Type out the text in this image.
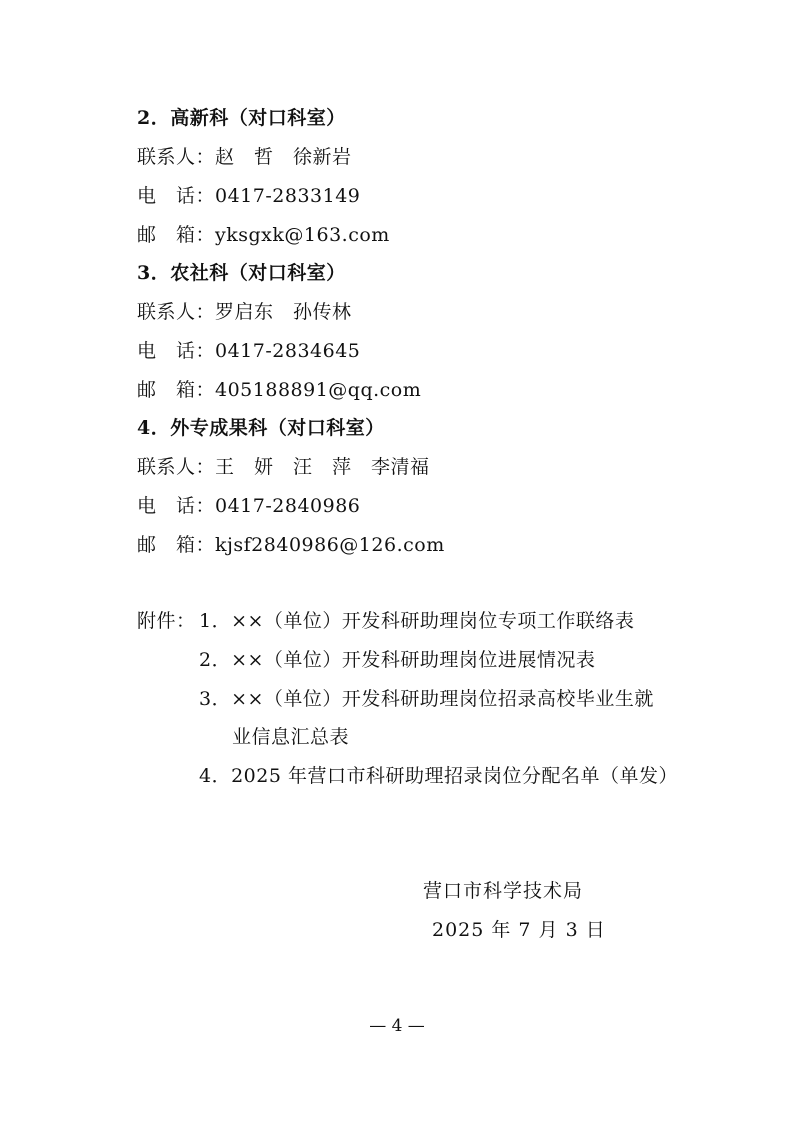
2．高新科（对口科室）
联系人：赵　哲　徐新岩
电　话：0417-2833149
邮　箱：yksgxk@163.com
3．农社科（对口科室）
联系人：罗启东　孙传林
电　话：0417-2834645
邮　箱：405188891@qq.com
4．外专成果科（对口科室）
联系人：王　妍　汪　萍　李清福
电　话：0417-2840986
邮　箱：kjsf2840986@126.com
附件： 1．××（单位）开发科研助理岗位专项工作联络表
2．××（单位）开发科研助理岗位进展情况表
3．××（单位）开发科研助理岗位招录高校毕业生就
业信息汇总表
4．2025 年营口市科研助理招录岗位分配名单（单发）
营口市科学技术局
2025 年 7 月 3 日
— 4 —
